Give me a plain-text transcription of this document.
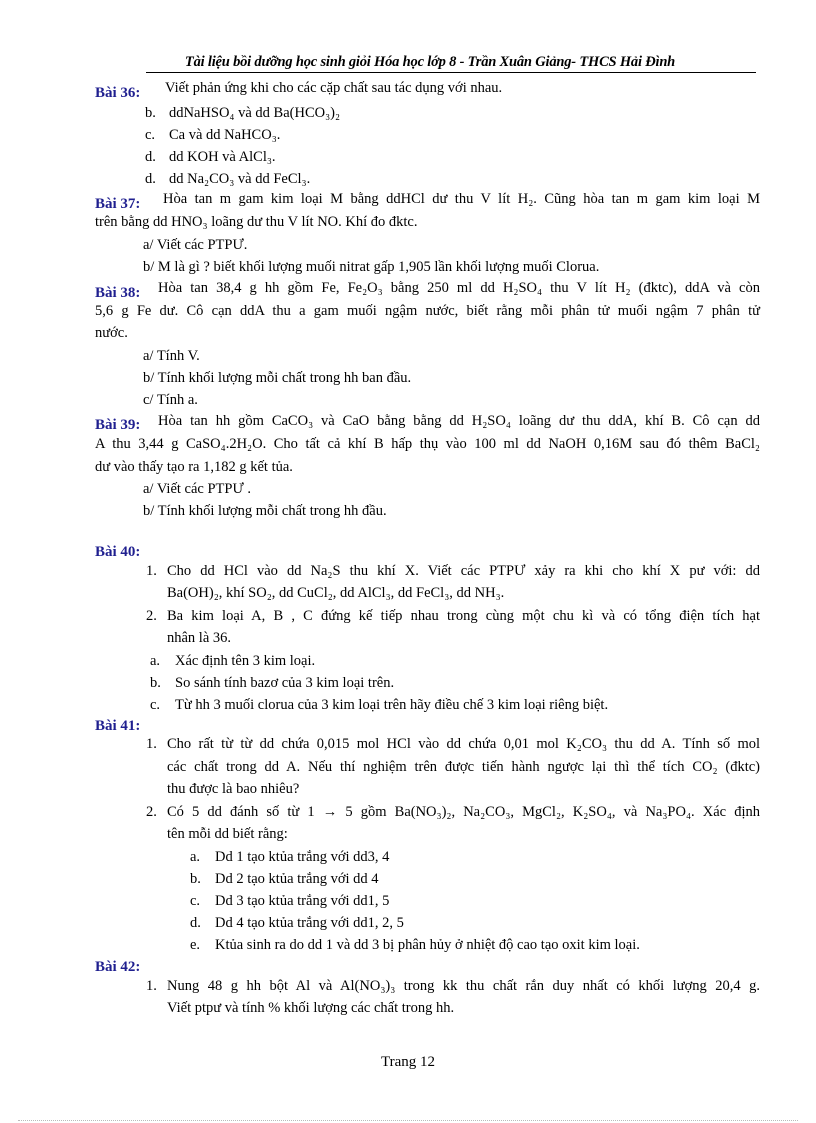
Tài liệu bồi dưỡng học sinh giỏi Hóa học lớp 8 - Trần Xuân Giảng- THCS Hải Đình
Bài 36: Viết phản ứng khi cho các cặp chất sau tác dụng với nhau.
b. ddNaHSO₄ và dd Ba(HCO₃)₂
c. Ca và dd NaHCO₃.
d. dd KOH và AlCl₃.
d. dd Na₂CO₃ và dd FeCl₃.
Bài 37: Hòa tan m gam kim loại M bằng ddHCl dư thu V lít H₂. Cũng hòa tan m gam kim loại M
trên bằng dd HNO₃ loãng dư thu V lít NO. Khí đo đktc.
a/ Viết các PTPƯ.
b/ M là gì ? biết khối lượng muối nitrat gấp 1,905 lần khối lượng muối Clorua.
Bài 38: Hòa tan 38,4 g hh gồm Fe, Fe₂O₃ bằng 250 ml dd H₂SO₄ thu V lít H₂ (đktc), ddA và còn
5,6 g Fe dư. Cô cạn ddA thu a gam muối ngậm nước, biết rằng mỗi phân tử muối ngậm 7 phân tử
nước.
a/ Tính V.
b/ Tính khối lượng mỗi chất trong hh ban đầu.
c/ Tính a.
Bài 39: Hòa tan hh gồm CaCO₃ và CaO bằng bằng dd H₂SO₄ loãng dư thu ddA, khí B. Cô cạn dd
A thu 3,44 g CaSO₄.2H₂O. Cho tất cả khí B hấp thụ vào 100 ml dd NaOH 0,16M sau đó thêm BaCl₂
dư vào thấy tạo ra 1,182 g kết tủa.
a/ Viết các PTPƯ .
b/ Tính khối lượng mỗi chất trong hh đầu.
Bài 40:
1. Cho dd HCl vào dd Na₂S thu khí X. Viết các PTPƯ xảy ra khi cho khí X pư với: dd
Ba(OH)₂, khí SO₂, dd CuCl₂, dd AlCl₃, dd FeCl₃, dd NH₃.
2. Ba kim loại A, B , C đứng kế tiếp nhau trong cùng một chu kì và có tổng điện tích hạt
nhân là 36.
a. Xác định tên 3 kim loại.
b. So sánh tính bazơ của 3 kim loại trên.
c. Từ hh 3 muối clorua của 3 kim loại trên hãy điều chế 3 kim loại riêng biệt.
Bài 41:
1. Cho rất từ từ dd chứa 0,015 mol HCl vào dd chứa 0,01 mol K₂CO₃ thu dd A. Tính số mol
các chất trong dd A. Nếu thí nghiệm trên được tiến hành ngược lại thì thể tích CO₂ (đktc)
thu được là bao nhiêu?
2. Có 5 dd đánh số từ 1 → 5 gồm Ba(NO₃)₂, Na₂CO₃, MgCl₂, K₂SO₄, và Na₃PO₄. Xác định
tên mỗi dd biết rằng:
a. Dd 1 tạo ktủa trắng với dd3, 4
b. Dd 2 tạo ktủa trắng với dd 4
c. Dd 3 tạo ktủa trắng với dd1, 5
d. Dd 4 tạo ktủa trắng với dd1, 2, 5
e. Ktủa sinh ra do dd 1 và dd 3 bị phân hủy ở nhiệt độ cao tạo oxit kim loại.
Bài 42:
1. Nung 48 g hh bột Al và Al(NO₃)₃ trong kk thu chất rắn duy nhất có khối lượng 20,4 g.
Viết ptpư và tính % khối lượng các chất trong hh.
Trang 12
